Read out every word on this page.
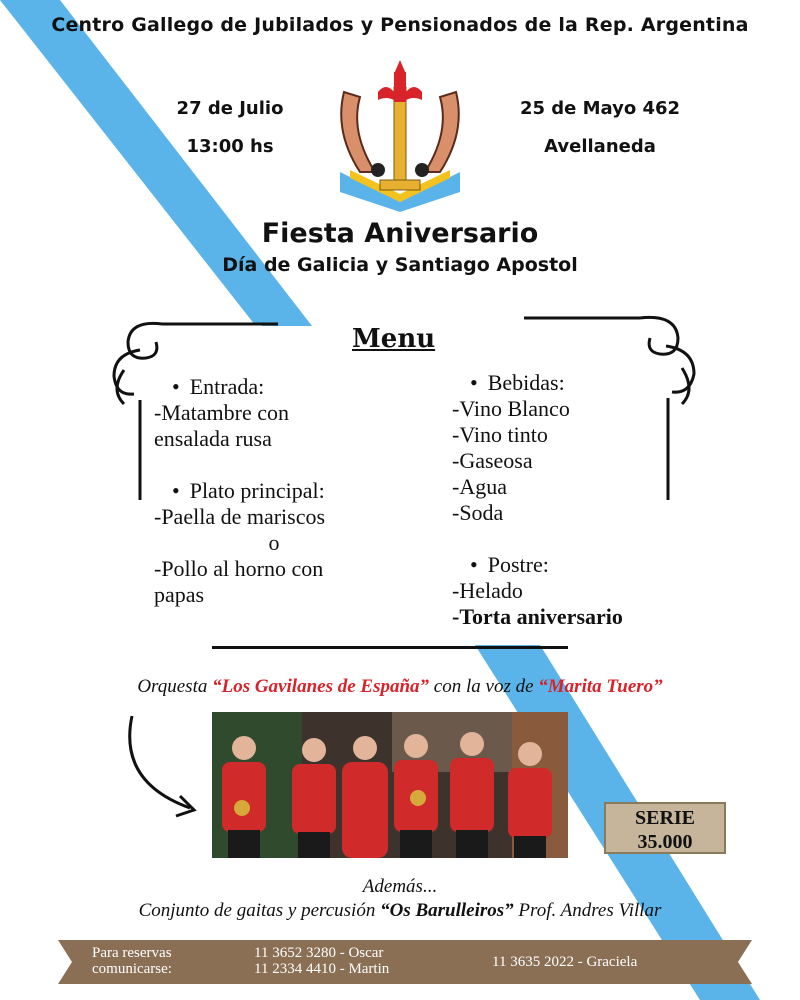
Centro Gallego de Jubilados y Pensionados de la Rep. Argentina
27 de Julio
13:00 hs
25 de Mayo 462
Avellaneda
Fiesta Aniversario
Día de Galicia y Santiago Apostol
Menu
• Entrada:
-Matambre con
ensalada rusa
• Plato principal:
-Paella de mariscos
o
-Pollo al horno con
papas
• Bebidas:
-Vino Blanco
-Vino tinto
-Gaseosa
-Agua
-Soda
• Postre:
-Helado
-Torta aniversario
Orquesta “Los Gavilanes de España” con la voz de “Marita Tuero”
SERIE
35.000
Además...
Conjunto de gaitas y percusión “Os Barulleiros” Prof. Andres Villar
Para reservas
comunicarse:
11 3652 3280 - Oscar
11 2334 4410 - Martin	11 3635 2022 - Graciela
